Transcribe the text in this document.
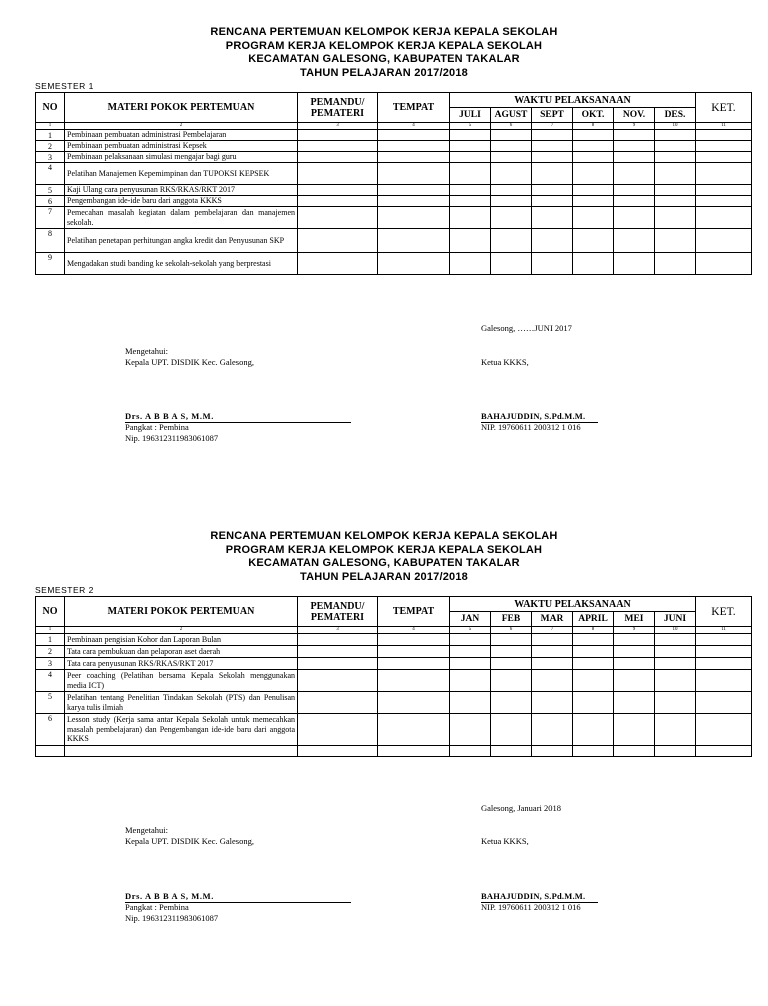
RENCANA PERTEMUAN KELOMPOK KERJA KEPALA SEKOLAH
PROGRAM KERJA KELOMPOK KERJA KEPALA SEKOLAH
KECAMATAN GALESONG, KABUPATEN TAKALAR
TAHUN PELAJARAN 2017/2018
SEMESTER 1
NO	MATERI POKOK PERTEMUAN	PEMANDU/ PEMATERI	TEMPAT	WAKTU PELAKSANAAN						KET.
				JULI	AGUST	SEPT	OKT.	NOV.	DES.	
1	2	3	4	5	6	7	8	9	10	11
1	Pembinaan pembuatan administrasi Pembelajaran									
2	Pembinaan pembuatan administrasi Kepsek									
3	Pembinaan pelaksanaan simulasi mengajar bagi guru									
4	Pelatihan Manajemen Kepemimpinan dan TUPOKSI KEPSEK									
5	Kaji Ulang cara penyusunan RKS/RKAS/RKT 2017									
6	Pengembangan ide-ide baru dari anggota KKKS									
7	Pemecahan masalah kegiatan dalam pembelajaran dan manajemen sekolah.									
8	Pelatihan penetapan perhitungan angka kredit dan Penyusunan SKP									
9	Mengadakan studi banding ke sekolah-sekolah yang berprestasi									
Galesong, ……JUNI 2017
Mengetahui:
Kepala UPT. DISDIK Kec. Galesong,	Ketua KKKS,
Drs. A B B A S, M.M.
Pangkat : Pembina
Nip. 196312311983061087
BAHAJUDDIN, S.Pd.M.M.
NIP. 19760611 200312 1 016
RENCANA PERTEMUAN KELOMPOK KERJA KEPALA SEKOLAH
PROGRAM KERJA KELOMPOK KERJA KEPALA SEKOLAH
KECAMATAN GALESONG, KABUPATEN TAKALAR
TAHUN PELAJARAN 2017/2018
SEMESTER 2
NO	MATERI POKOK PERTEMUAN	PEMANDU/ PEMATERI	TEMPAT	WAKTU PELAKSANAAN						KET.
				JAN	FEB	MAR	APRIL	MEI	JUNI	
1	2	3	4	5	6	7	8	9	10	11
1	Pembinaan pengisian Kohor dan Laporan Bulan									
2	Tata cara pembukuan dan pelaporan aset daerah									
3	Tata cara penyusunan RKS/RKAS/RKT 2017									
4	Peer coaching (Pelatihan bersama Kepala Sekolah menggunakan media ICT)									
5	Pelatihan tentang Penelitian Tindakan Sekolah (PTS) dan Penulisan karya tulis ilmiah									
6	Lesson study (Kerja sama antar Kepala Sekolah untuk memecahkan masalah pembelajaran) dan Pengembangan ide-ide baru dari anggota KKKS									

Galesong, Januari 2018
Mengetahui:
Kepala UPT. DISDIK Kec. Galesong,	Ketua KKKS,
Drs. A B B A S, M.M.
Pangkat : Pembina
Nip. 196312311983061087
BAHAJUDDIN, S.Pd.M.M.
NIP. 19760611 200312 1 016
